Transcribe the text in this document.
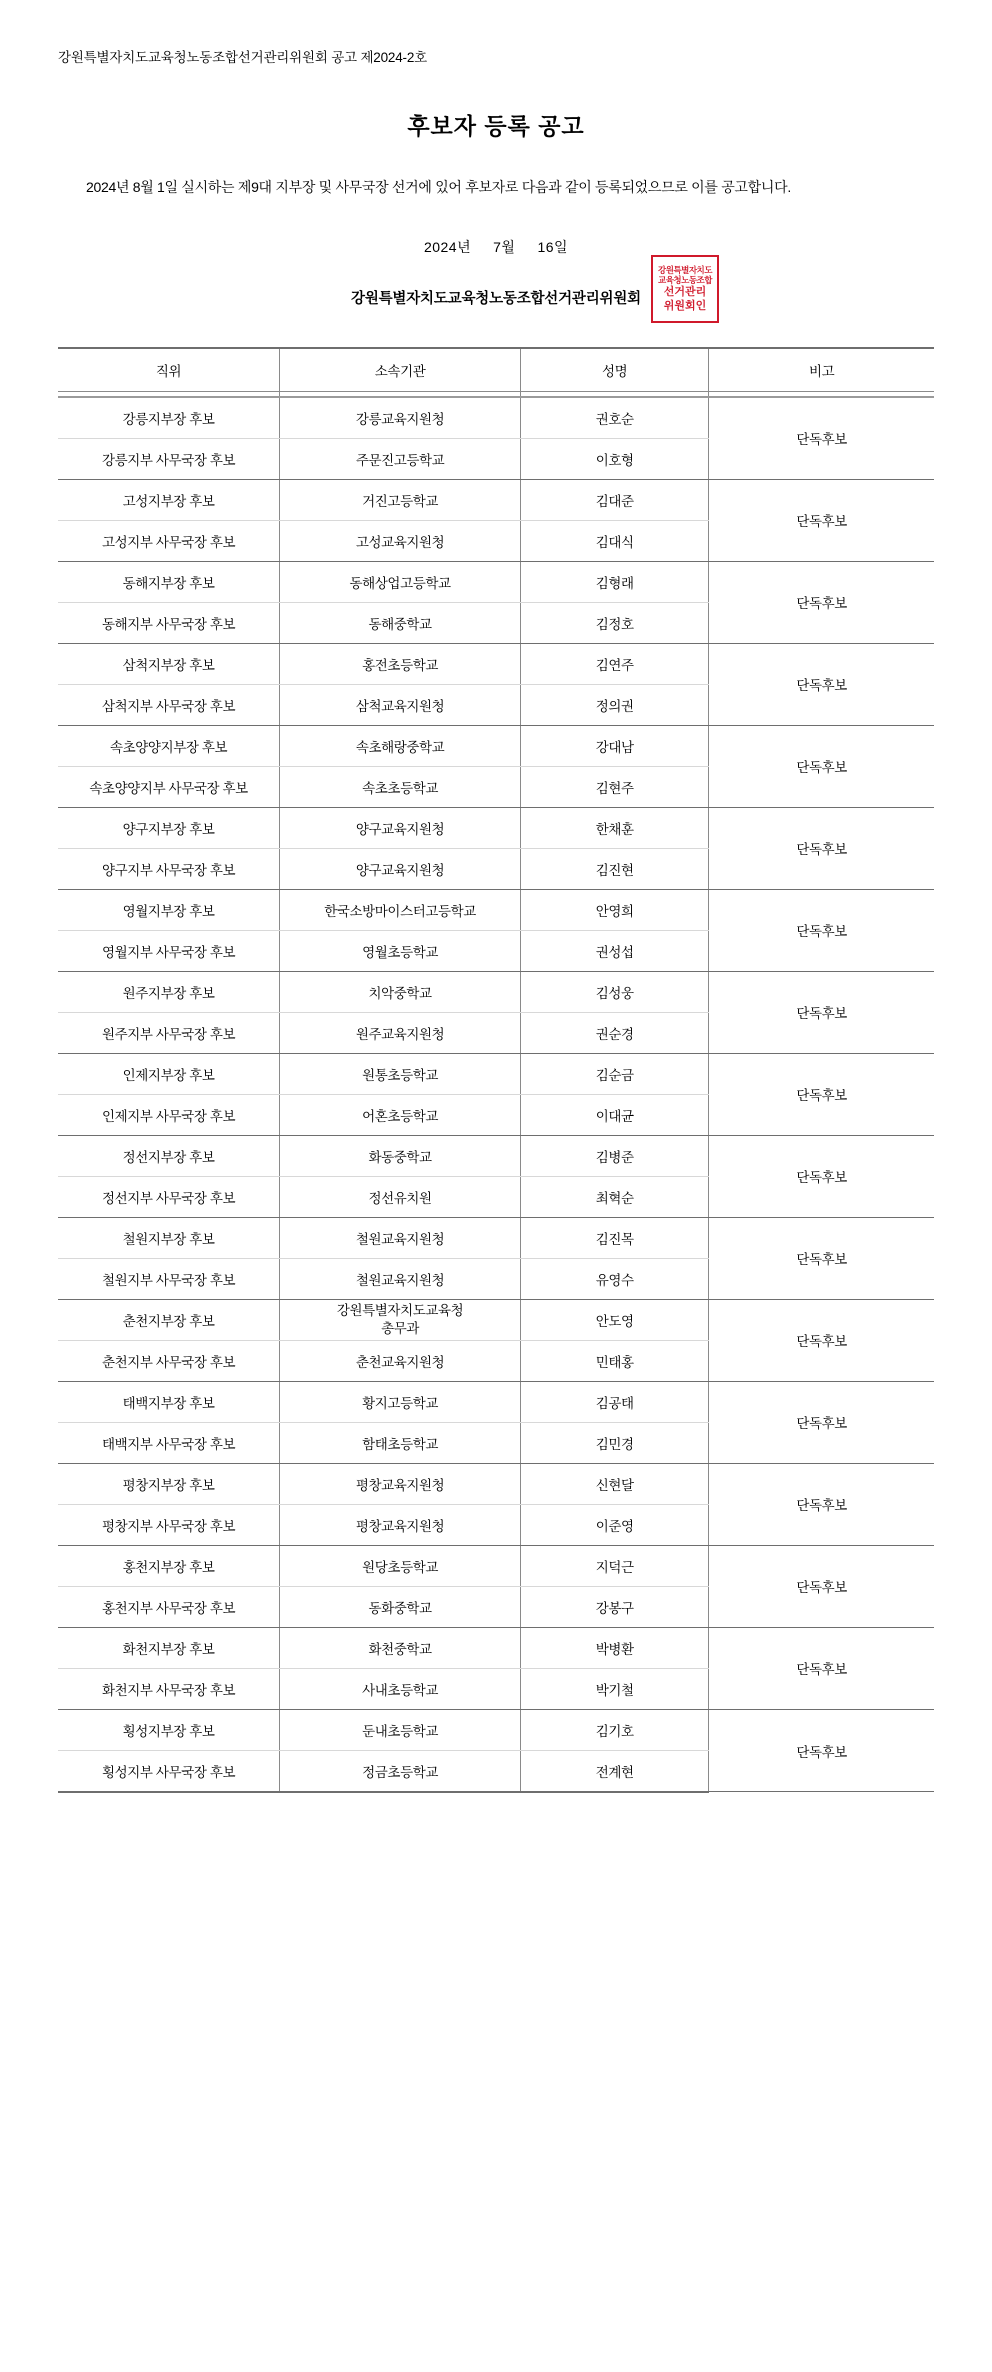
강원특별자치도교육청노동조합선거관리위원회 공고 제2024-2호
후보자 등록 공고

2024년 8월 1일 실시하는 제9대 지부장 및 사무국장 선거에 있어 후보자로 다음과 같이 등록되었으므로 이를 공고합니다.

2024년 7월 16일
강원특별자치도교육청노동조합선거관리위원회
강원특별자치도
교육청노동조합
선거관리
위원회인
직위	소속기관	성명	비고

강릉지부장 후보	강릉교육지원청	권호순	단독후보
강릉지부 사무국장 후보	주문진고등학교	이호형	
고성지부장 후보	거진고등학교	김대준	단독후보
고성지부 사무국장 후보	고성교육지원청	김대식	
동해지부장 후보	동해상업고등학교	김형래	단독후보
동해지부 사무국장 후보	동해중학교	김정호	
삼척지부장 후보	홍전초등학교	김연주	단독후보
삼척지부 사무국장 후보	삼척교육지원청	정의권	
속초양양지부장 후보	속초해랑중학교	강대남	단독후보
속초양양지부 사무국장 후보	속초초등학교	김현주	
양구지부장 후보	양구교육지원청	한채훈	단독후보
양구지부 사무국장 후보	양구교육지원청	김진현	
영월지부장 후보	한국소방마이스터고등학교	안영희	단독후보
영월지부 사무국장 후보	영월초등학교	권성섭	
원주지부장 후보	치악중학교	김성웅	단독후보
원주지부 사무국장 후보	원주교육지원청	권순경	
인제지부장 후보	원통초등학교	김순금	단독후보
인제지부 사무국장 후보	어혼초등학교	이대균	
정선지부장 후보	화동중학교	김병준	단독후보
정선지부 사무국장 후보	정선유치원	최혁순	
철원지부장 후보	철원교육지원청	김진목	단독후보
철원지부 사무국장 후보	철원교육지원청	유영수	
춘천지부장 후보	강원특별자치도교육청
총무과	안도영	단독후보
춘천지부 사무국장 후보	춘천교육지원청	민태홍	
태백지부장 후보	황지고등학교	김공태	단독후보
태백지부 사무국장 후보	함태초등학교	김민경	
평창지부장 후보	평창교육지원청	신현달	단독후보
평창지부 사무국장 후보	평창교육지원청	이준영	
홍천지부장 후보	원당초등학교	지덕근	단독후보
홍천지부 사무국장 후보	동화중학교	강봉구	
화천지부장 후보	화천중학교	박병환	단독후보
화천지부 사무국장 후보	사내초등학교	박기철	
횡성지부장 후보	둔내초등학교	김기호	단독후보
횡성지부 사무국장 후보	정금초등학교	전계현	
